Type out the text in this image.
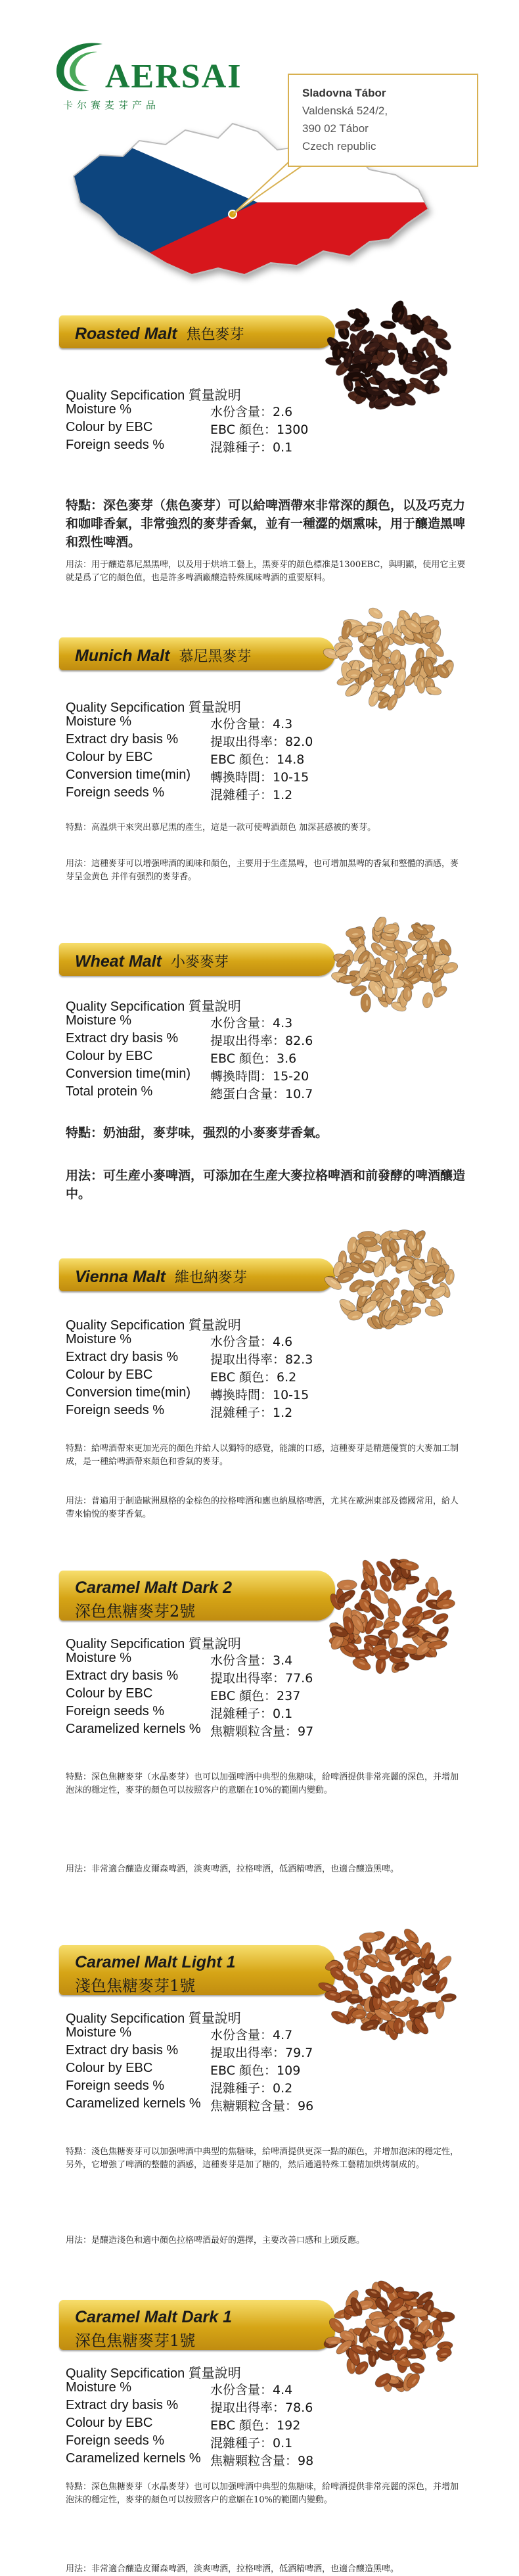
AERSAI
卡尔赛麦芽产品
Sladovna Tábor
Valdenská 524/2,
390 02 Tábor
Czech republic
Roasted Malt 焦色麥芽
Quality Sepcification 質量說明
Moisture %	水份含量：2.6
Colour by EBC	EBC 顏色：1300
Foreign seeds %	混雜種子：0.1
特點：深色麥芽（焦色麥芽）可以給啤酒帶來非常深的顏色，以及巧克力和咖啡香氣，非常強烈的麥芽香氣，並有一種澀的烟熏味，用于釀造黑啤和烈性啤酒。
用法：用于釀造慕尼黑黑啤，以及用于烘培工藝上，黑麥芽的顏色標准是1300EBC，與明顯，使用它主要就是爲了它的顏色值，也是許多啤酒廠釀造特殊風味啤酒的重要原料。
Munich Malt 慕尼黑麥芽
Quality Sepcification 質量說明
Moisture %	水份含量：4.3
Extract dry basis %	提取出得率：82.0
Colour by EBC	EBC 顏色：14.8
Conversion time(min) 轉換時間：10-15
Foreign seeds %	混雜種子：1.2
特點：高温烘干來突出慕尼黑的產生，這是一款可使啤酒顏色 加深甚感被的麥芽。
用法：這種麥芽可以增强啤酒的風味和顏色，主要用于生產黑啤，也可增加黑啤的香氣和整體的酒感，麥芽呈金黄色 并伴有强烈的麥芽香。
Wheat Malt 小麥麥芽
Quality Sepcification 質量說明
Moisture %	水份含量：4.3
Extract dry basis %	提取出得率：82.6
Colour by EBC	EBC 顏色：3.6
Conversion time(min) 轉換時間：15-20
Total protein %	總蛋白含量：10.7
特點：奶油甜，麥芽味，强烈的小麥麥芽香氣。
用法：可生産小麥啤酒，可添加在生産大麥拉格啤酒和前發酵的啤酒釀造中。
Vienna Malt 維也納麥芽
Quality Sepcification 質量說明
Moisture %	水份含量：4.6
Extract dry basis %	提取出得率：82.3
Colour by EBC	EBC 顏色：6.2
Conversion time(min) 轉換時間：10-15
Foreign seeds %	混雜種子：1.2
特點：給啤酒帶來更加光亮的顏色并給人以獨特的感覺，能讓的口感，這種麥芽是精選優質的大麥加工制成，是一種給啤酒帶來顏色和香氣的麥芽。
用法：普遍用于制造歐洲風格的金棕色的拉格啤酒和應也納風格啤酒，尤其在歐洲東部及德國常用，給人帶來愉悅的麥芽香氣。
Caramel Malt Dark 2
深色焦糖麥芽2號
Quality Sepcification 質量說明
Moisture %	水份含量：3.4
Extract dry basis %	提取出得率：77.6
Colour by EBC	EBC 顏色：237
Foreign seeds %	混雜種子：0.1
Caramelized kernels % 焦糖顆粒含量：97
特點：深色焦糖麥芽（水晶麥芽）也可以加强啤酒中典型的焦糖味，給啤酒提供非常亮麗的深色，并增加泡沫的穩定性，麥芽的顏色可以按照客户的意願在10%的範圍内變動。
用法：非常適合釀造皮爾森啤酒，淡爽啤酒，拉格啤酒，低酒精啤酒，也適合釀造黑啤。
Caramel Malt Light 1
淺色焦糖麥芽1號
Quality Sepcification 質量說明
Moisture %	水份含量：4.7
Extract dry basis %	提取出得率：79.7
Colour by EBC	EBC 顏色：109
Foreign seeds %	混雜種子：0.2
Caramelized kernels % 焦糖顆粒含量：96
特點：淺色焦糖麥芽可以加强啤酒中典型的焦糖味，給啤酒提供更深一點的顏色，并增加泡沫的穩定性，另外，它增強了啤酒的整體的酒感，這種麥芽是加了糖的，然后通過特殊工藝精加烘烤制成的。
用法：是釀造淺色和適中顏色拉格啤酒最好的選擇，主要改善口感和上頭反應。
Caramel Malt Dark 1
深色焦糖麥芽1號
Quality Sepcification 質量說明
Moisture %	水份含量：4.4
Extract dry basis %	提取出得率：78.6
Colour by EBC	EBC 顏色：192
Foreign seeds %	混雜種子：0.1
Caramelized kernels % 焦糖顆粒含量：98
特點：深色焦糖麥芽（水晶麥芽）也可以加强啤酒中典型的焦糖味，給啤酒提供非常亮麗的深色，并增加泡沫的穩定性，麥芽的顏色可以按照客户的意願在10%的範圍内變動。
用法：非常適合釀造皮爾森啤酒，淡爽啤酒，拉格啤酒，低酒精啤酒，也適合釀造黑啤。
